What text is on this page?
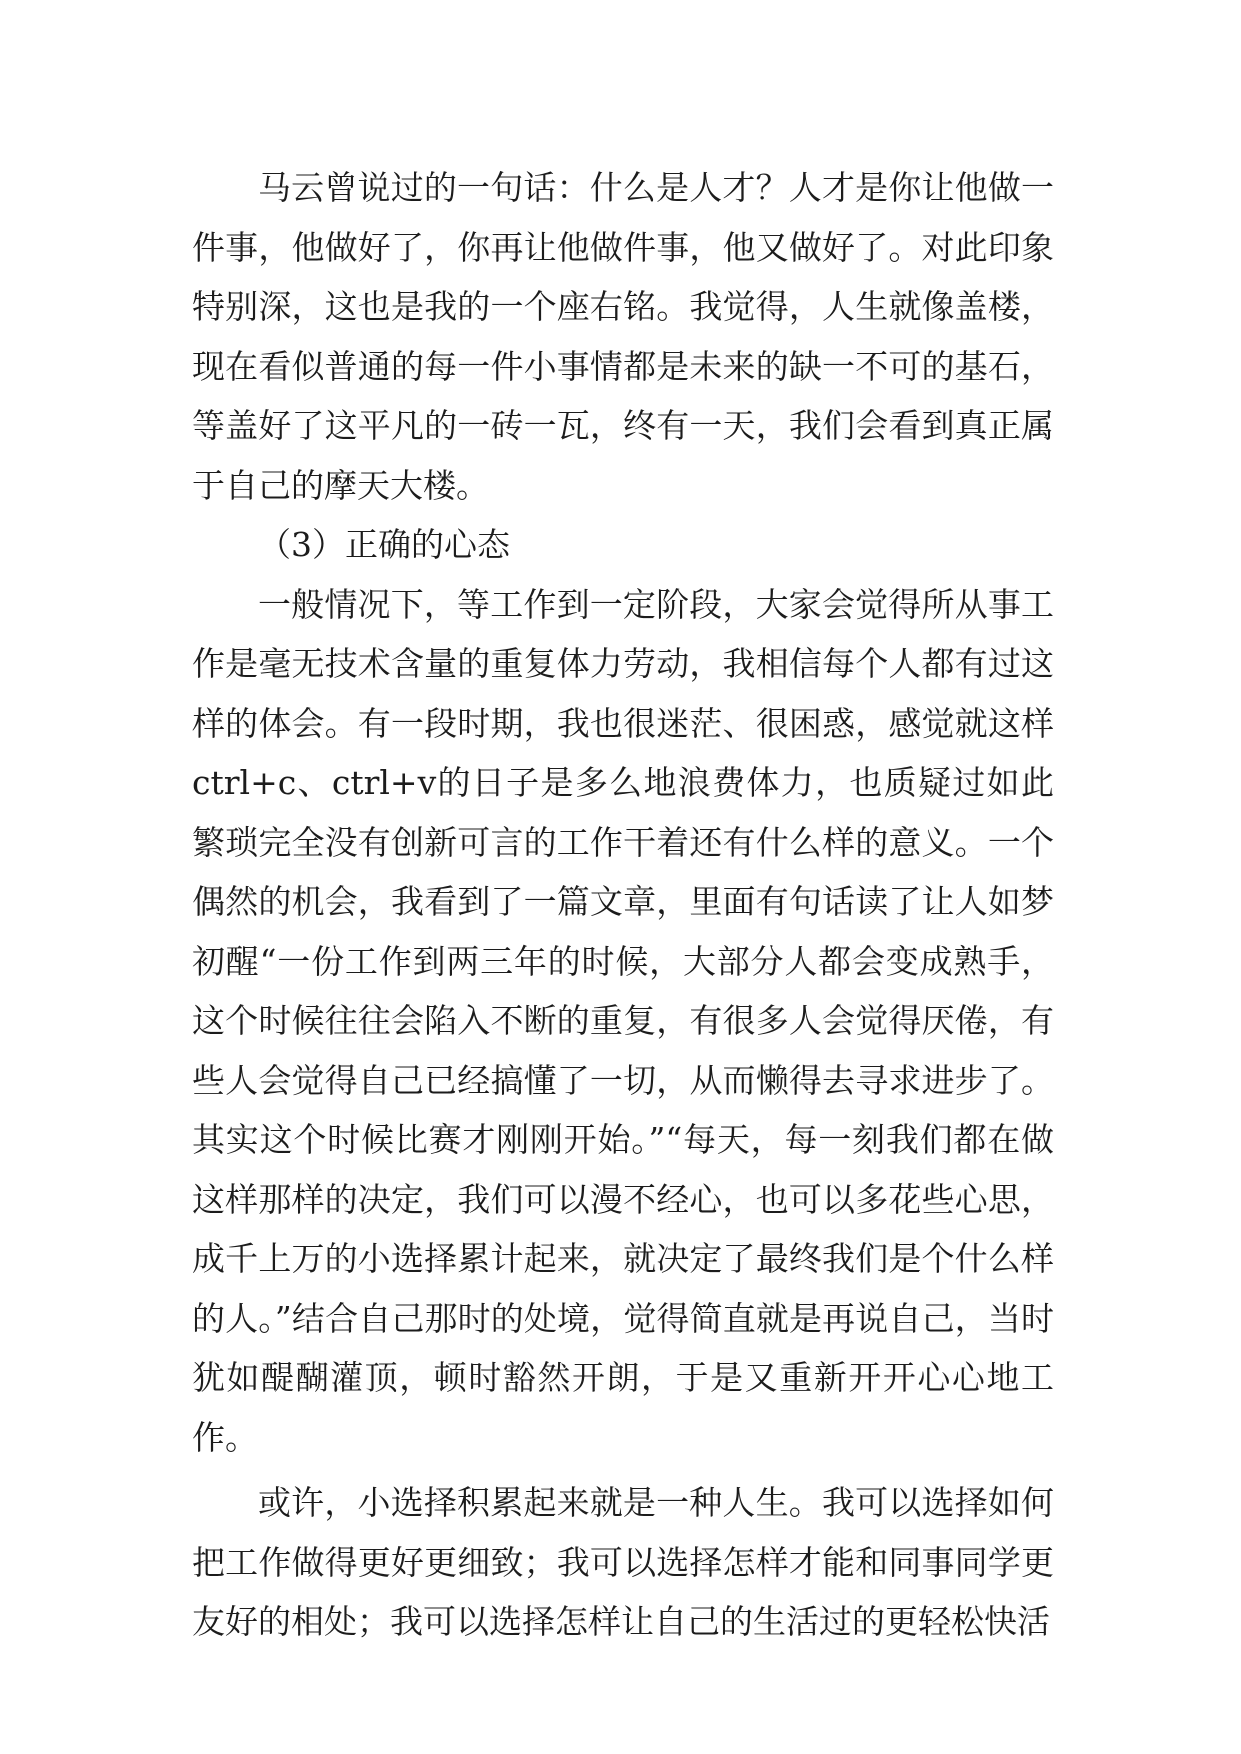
马云曾说过的一句话：什么是人才？人才是你让他做一件事，他做好了，你再让他做件事，他又做好了。对此印象特别深，这也是我的一个座右铭。我觉得，人生就像盖楼，现在看似普通的每一件小事情都是未来的缺一不可的基石，等盖好了这平凡的一砖一瓦，终有一天，我们会看到真正属于自己的摩天大楼。

（3）正确的心态

一般情况下，等工作到一定阶段，大家会觉得所从事工作是毫无技术含量的重复体力劳动，我相信每个人都有过这样的体会。有一段时期，我也很迷茫、很困惑，感觉就这样ctrl+c、ctrl+v的日子是多么地浪费体力，也质疑过如此繁琐完全没有创新可言的工作干着还有什么样的意义。一个偶然的机会，我看到了一篇文章，里面有句话读了让人如梦初醒“一份工作到两三年的时候，大部分人都会变成熟手，这个时候往往会陷入不断的重复，有很多人会觉得厌倦，有些人会觉得自己已经搞懂了一切，从而懒得去寻求进步了。其实这个时候比赛才刚刚开始。”“每天，每一刻我们都在做这样那样的决定，我们可以漫不经心，也可以多花些心思，成千上万的小选择累计起来，就决定了最终我们是个什么样的人。”结合自己那时的处境，觉得简直就是再说自己，当时犹如醍醐灌顶，顿时豁然开朗，于是又重新开开心心地工作。

或许，小选择积累起来就是一种人生。我可以选择如何把工作做得更好更细致；我可以选择怎样才能和同事同学更友好的相处；我可以选择怎样让自己的生活过的更轻松快活
